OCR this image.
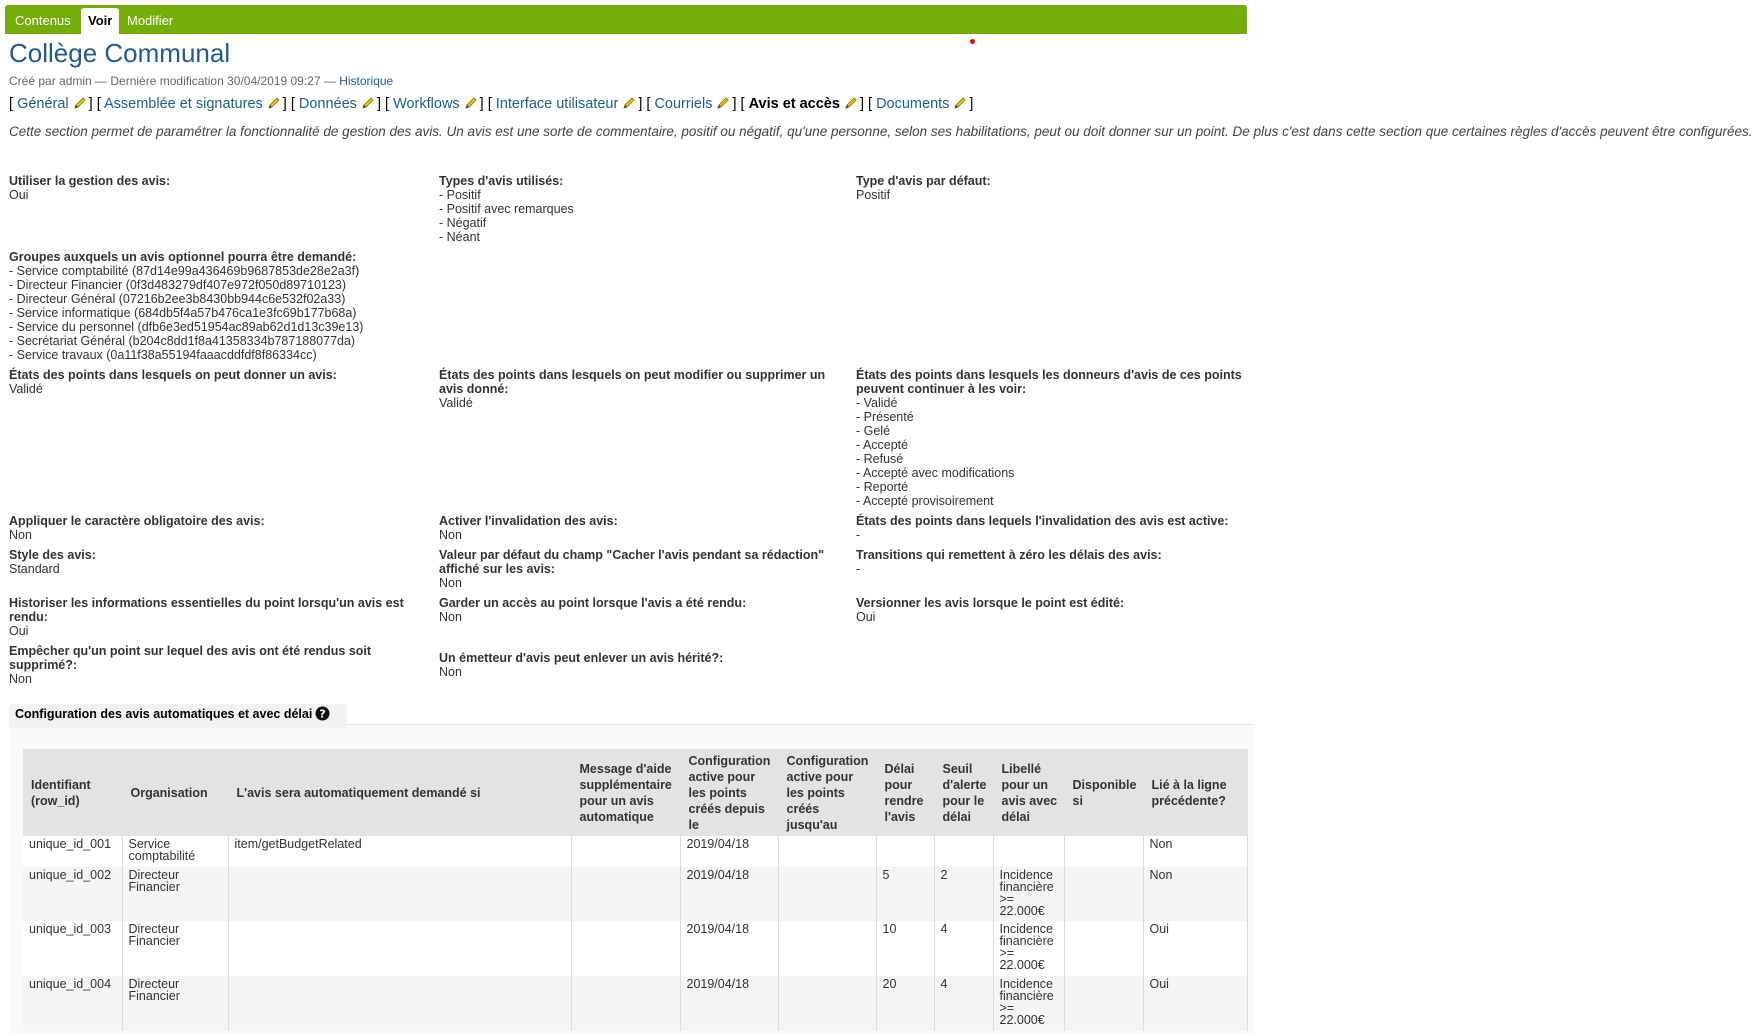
Contenus	Voir	Modifier
Collège Communal
Créé par admin — Dernière modification 30/04/2019 09:27 — Historique
[ Général ] [ Assemblée et signatures ] [ Données ] [ Workflows ] [ Interface utilisateur ] [ Courriels ] [ Avis et accès ] [ Documents ]
Cette section permet de paramétrer la fonctionnalité de gestion des avis. Un avis est une sorte de commentaire, positif ou négatif, qu'une personne, selon ses habilitations, peut ou doit donner sur un point. De plus c'est dans cette section que certaines règles d'accès peuvent être configurées.
Utiliser la gestion des avis:
Oui
Types d'avis utilisés:
- Positif
- Positif avec remarques
- Négatif
- Néant
Type d'avis par défaut:
Positif
Groupes auxquels un avis optionnel pourra être demandé:
- Service comptabilité (87d14e99a436469b9687853de28e2a3f)
- Directeur Financier (0f3d483279df407e972f050d89710123)
- Directeur Général (07216b2ee3b8430bb944c6e532f02a33)
- Service informatique (684db5f4a57b476ca1e3fc69b177b68a)
- Service du personnel (dfb6e3ed51954ac89ab62d1d13c39e13)
- Secrétariat Général (b204c8dd1f8a41358334b787188077da)
- Service travaux (0a11f38a55194faaacddfdf8f86334cc)
États des points dans lesquels on peut donner un avis:
Validé
États des points dans lesquels on peut modifier ou supprimer un avis donné:
Validé
États des points dans lesquels les donneurs d'avis de ces points peuvent continuer à les voir:
- Validé
- Présenté
- Gelé
- Accepté
- Refusé
- Accepté avec modifications
- Reporté
- Accepté provisoirement
Appliquer le caractère obligatoire des avis:
Non
Activer l'invalidation des avis:
Non
États des points dans lequels l'invalidation des avis est active:
-
Style des avis:
Standard
Valeur par défaut du champ "Cacher l'avis pendant sa rédaction" affiché sur les avis:
Non
Transitions qui remettent à zéro les délais des avis:
-
Historiser les informations essentielles du point lorsqu'un avis est rendu:
Oui
Garder un accès au point lorsque l'avis a été rendu:
Non
Versionner les avis lorsque le point est édité:
Oui
Empêcher qu'un point sur lequel des avis ont été rendus soit supprimé?:
Non
Un émetteur d'avis peut enlever un avis hérité?:
Non
Configuration des avis automatiques et avec délai ?
Identifiant (row_id)	Organisation	L'avis sera automatiquement demandé si	Message d'aide supplémentaire pour un avis automatique	Configuration active pour les points créés depuis le	Configuration active pour les points créés jusqu'au	Délai pour rendre l'avis	Seuil d'alerte pour le délai	Libellé pour un avis avec délai	Disponible si	Lié à la ligne précédente?
unique_id_001	Service comptabilité	item/getBudgetRelated		2019/04/18						Non
unique_id_002	Directeur Financier			2019/04/18		5	2	Incidence financière >= 22.000€		Non
unique_id_003	Directeur Financier			2019/04/18		10	4	Incidence financière >= 22.000€		Oui
unique_id_004	Directeur Financier			2019/04/18		20	4	Incidence financière >= 22.000€		Oui
